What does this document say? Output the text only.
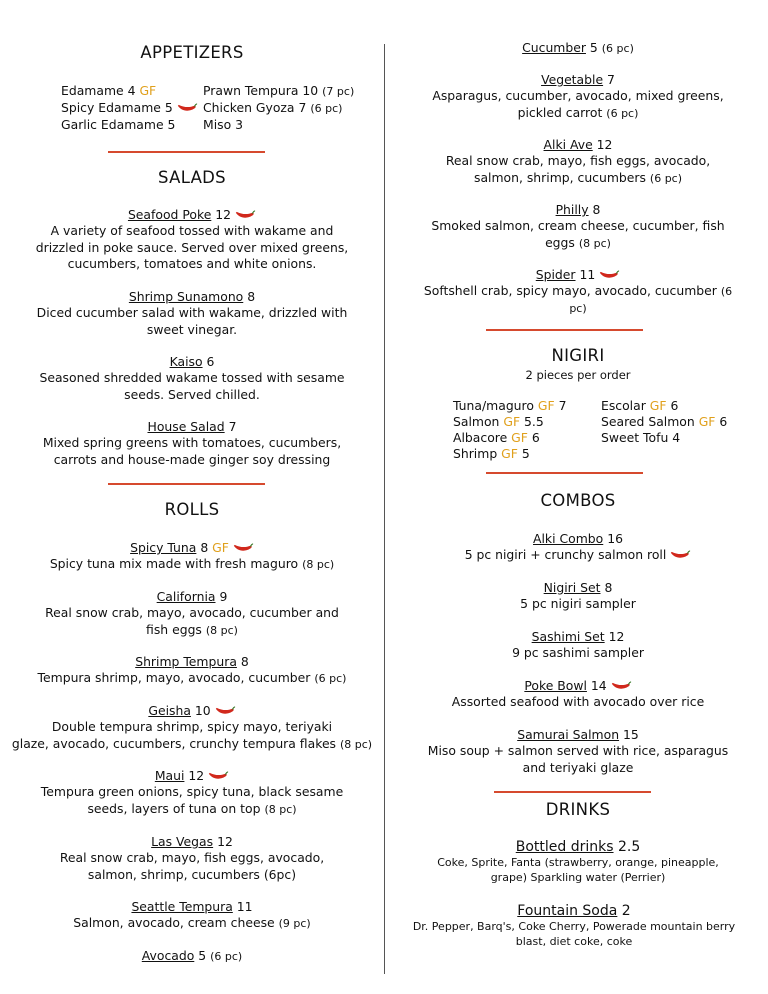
APPETIZERS
Edamame 4 GF
Spicy Edamame 5
Garlic Edamame 5
Prawn Tempura 10 (7 pc)
Chicken Gyoza 7 (6 pc)
Miso 3
SALADS
Seafood Poke 12
A variety of seafood tossed with wakame and
drizzled in poke sauce. Served over mixed greens,
cucumbers, tomatoes and white onions.
Shrimp Sunamono 8
Diced cucumber salad with wakame, drizzled with
sweet vinegar.
Kaiso 6
Seasoned shredded wakame tossed with sesame
seeds. Served chilled.
House Salad 7
Mixed spring greens with tomatoes, cucumbers,
carrots and house-made ginger soy dressing
ROLLS
Spicy Tuna 8 GF
Spicy tuna mix made with fresh maguro (8 pc)
California 9
Real snow crab, mayo, avocado, cucumber and
fish eggs (8 pc)
Shrimp Tempura 8
Tempura shrimp, mayo, avocado, cucumber (6 pc)
Geisha 10
Double tempura shrimp, spicy mayo, teriyaki
glaze, avocado, cucumbers, crunchy tempura flakes (8 pc)
Maui 12
Tempura green onions, spicy tuna, black sesame
seeds, layers of tuna on top (8 pc)
Las Vegas 12
Real snow crab, mayo, fish eggs, avocado,
salmon, shrimp, cucumbers (6pc)
Seattle Tempura 11
Salmon, avocado, cream cheese (9 pc)
Avocado 5 (6 pc)
Cucumber 5 (6 pc)
Vegetable 7
Asparagus, cucumber, avocado, mixed greens,
pickled carrot (6 pc)
Alki Ave 12
Real snow crab, mayo, fish eggs, avocado,
salmon, shrimp, cucumbers (6 pc)
Philly 8
Smoked salmon, cream cheese, cucumber, fish
eggs (8 pc)
Spider 11
Softshell crab, spicy mayo, avocado, cucumber (6
pc)
NIGIRI
2 pieces per order
Tuna/maguro GF 7
Salmon GF 5.5
Albacore GF 6
Shrimp GF 5
Escolar GF 6
Seared Salmon GF 6
Sweet Tofu 4
COMBOS
Alki Combo 16
5 pc nigiri + crunchy salmon roll
Nigiri Set 8
5 pc nigiri sampler
Sashimi Set 12
9 pc sashimi sampler
Poke Bowl 14
Assorted seafood with avocado over rice
Samurai Salmon 15
Miso soup + salmon served with rice, asparagus
and teriyaki glaze
DRINKS
Bottled drinks 2.5
Coke, Sprite, Fanta (strawberry, orange, pineapple,
grape) Sparkling water (Perrier)
Fountain Soda 2
Dr. Pepper, Barq's, Coke Cherry, Powerade mountain berry
blast, diet coke, coke
